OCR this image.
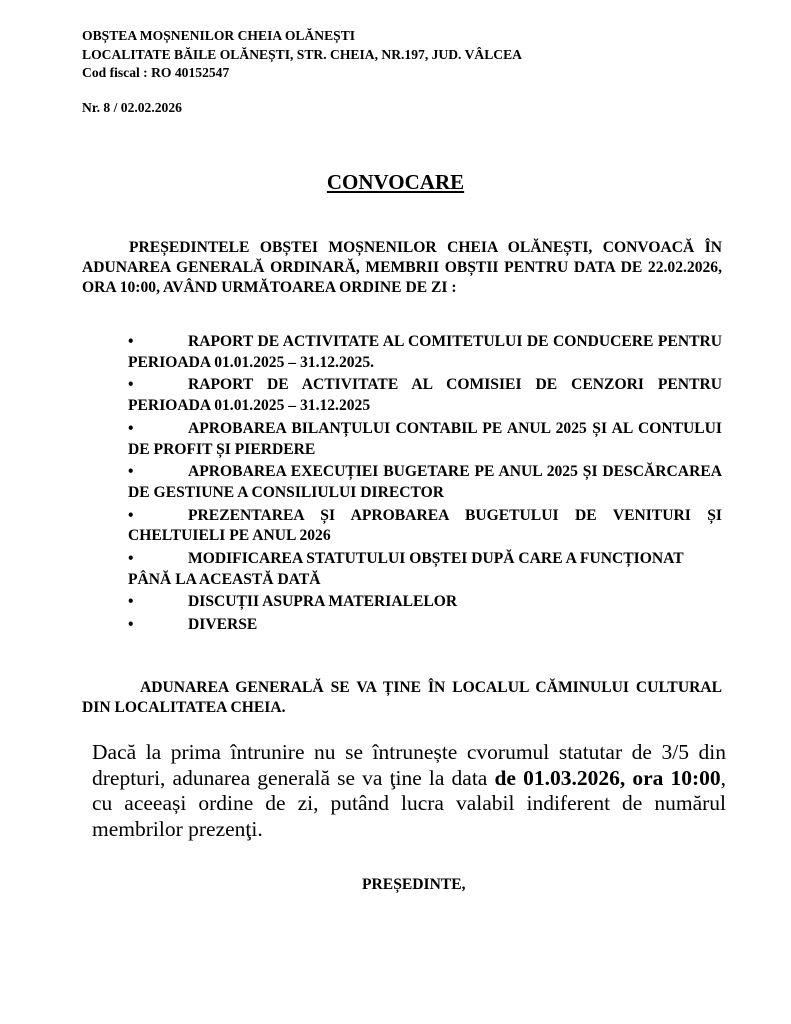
OBȘTEA MOȘNENILOR CHEIA OLĂNEȘTI
LOCALITATE BĂILE OLĂNEȘTI, STR. CHEIA, NR.197, JUD. VÂLCEA
Cod fiscal : RO 40152547
Nr. 8 / 02.02.2026
CONVOCARE
PREȘEDINTELE OBȘTEI MOȘNENILOR CHEIA OLĂNEȘTI, CONVOACĂ ÎN ADUNAREA GENERALĂ ORDINARĂ, MEMBRII OBȘTII PENTRU DATA DE 22.02.2026, ORA 10:00, AVÂND URMĂTOAREA ORDINE DE ZI :
•	RAPORT DE ACTIVITATE AL COMITETULUI DE CONDUCERE PENTRU PERIOADA 01.01.2025 – 31.12.2025.
•	RAPORT DE ACTIVITATE AL COMISIEI DE CENZORI PENTRU PERIOADA 01.01.2025 – 31.12.2025
•	APROBAREA BILANȚULUI CONTABIL PE ANUL 2025 ȘI AL CONTULUI DE PROFIT ȘI PIERDERE
•	APROBAREA EXECUȚIEI BUGETARE PE ANUL 2025 ȘI DESCĂRCAREA DE GESTIUNE A CONSILIULUI DIRECTOR
•	PREZENTAREA ȘI APROBAREA BUGETULUI DE VENITURI ȘI CHELTUIELI PE ANUL 2026
•	MODIFICAREA STATUTULUI OBȘTEI DUPĂ CARE A FUNCȚIONAT PÂNĂ LA ACEASTĂ DATĂ
•	DISCUȚII ASUPRA MATERIALELOR
•	DIVERSE
ADUNAREA GENERALĂ SE VA ȚINE ÎN LOCALUL CĂMINULUI CULTURAL DIN LOCALITATEA CHEIA.
Dacă la prima întrunire nu se întrunește cvorumul statutar de 3/5 din drepturi, adunarea generală se va ţine la data de 01.03.2026, ora 10:00, cu aceeași ordine de zi, putând lucra valabil indiferent de numărul membrilor prezenţi.
PREȘEDINTE,
